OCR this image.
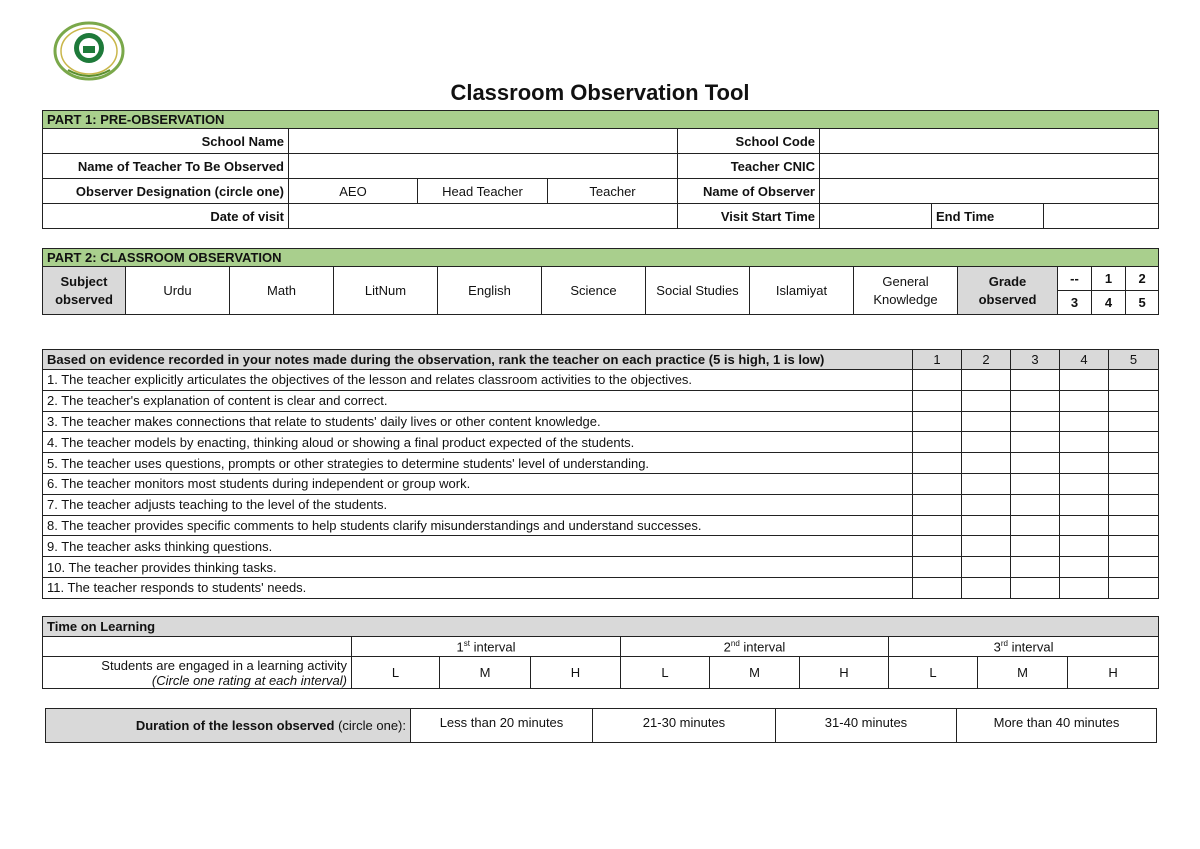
Classroom Observation Tool
PART 1: PRE-OBSERVATION							
School Name				School Code			
Name of Teacher To Be Observed				Teacher CNIC			
Observer Designation (circle one)	AEO	Head Teacher	Teacher	Name of Observer			
Date of visit				Visit Start Time		End Time	
PART 2: CLASSROOM OBSERVATION												
Subject observed	Urdu	Math	LitNum	English	Science	Social Studies	Islamiyat	General Knowledge	Grade observed	--	1	2
										3	4	5
Based on evidence recorded in your notes made during the observation, rank the teacher on each practice (5 is high, 1 is low)	1	2	3	4	5
1. The teacher explicitly articulates the objectives of the lesson and relates classroom activities to the objectives.					
2. The teacher's explanation of content is clear and correct.					
3. The teacher makes connections that relate to students' daily lives or other content knowledge.					
4. The teacher models by enacting, thinking aloud or showing a final product expected of the students.					
5. The teacher uses questions, prompts or other strategies to determine students' level of understanding.					
6. The teacher monitors most students during independent or group work.					
7. The teacher adjusts teaching to the level of the students.					
8. The teacher provides specific comments to help students clarify misunderstandings and understand successes.					
9. The teacher asks thinking questions.					
10. The teacher provides thinking tasks.					
11. The teacher responds to students' needs.					
Time on Learning									
	1st interval			2nd interval			3rd interval		

Students are engaged in a learning activity
(Circle one rating at each interval)	L	M	H	L	M	H	L	M	H
Duration of the lesson observed (circle one):	Less than 20 minutes	21-30 minutes	31-40 minutes	More than 40 minutes
